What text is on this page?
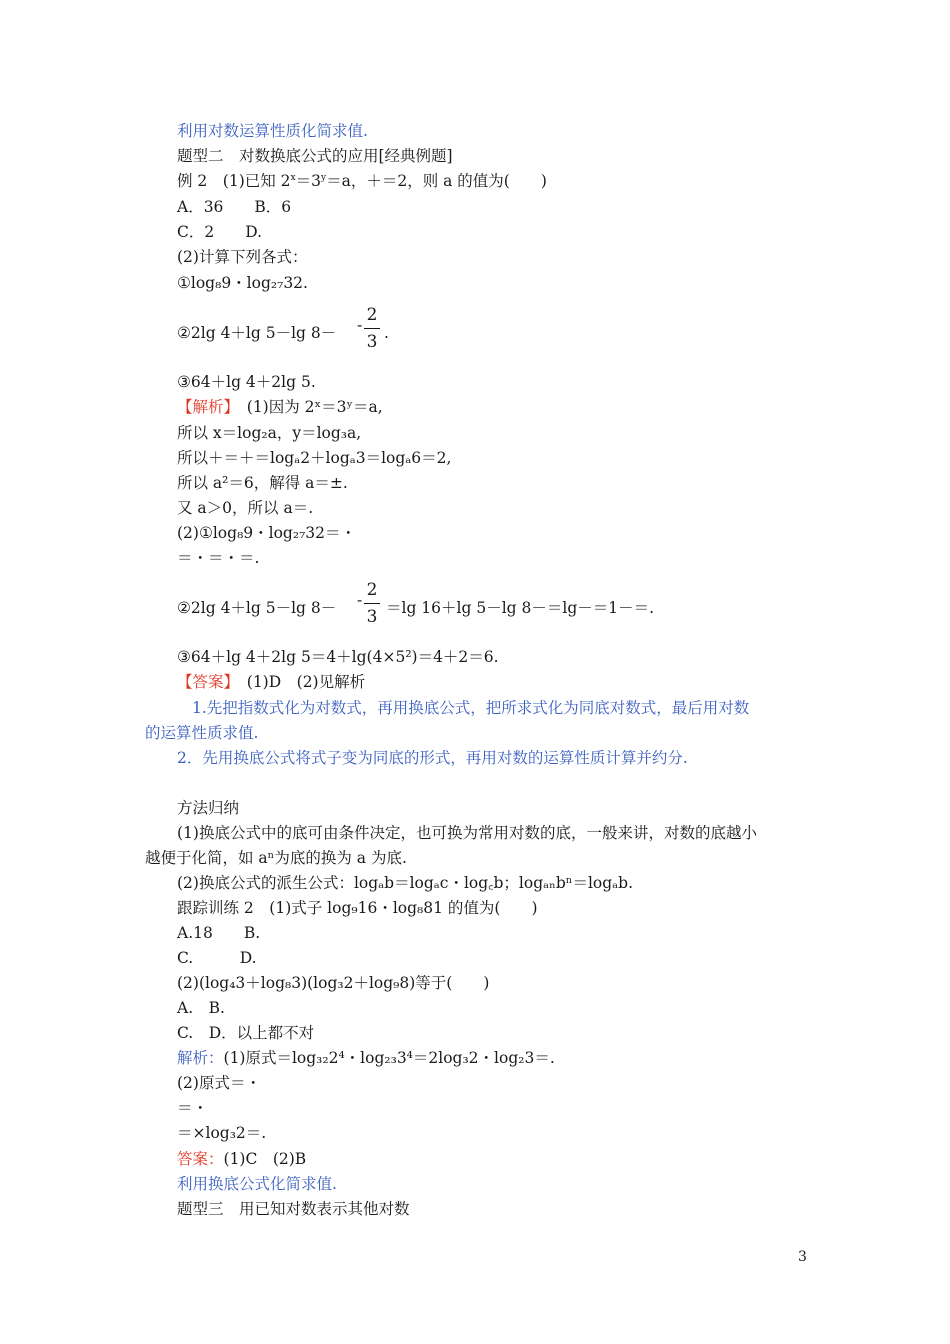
利用对数运算性质化简求值.
题型二　对数换底公式的应用[经典例题]
例 2　(1)已知 $2^x=3^y=a$，＋＝2，则 a 的值为(　　)
A．36　　B．6
C．2　　D.
(2)计算下列各式：
①log₈9・log₂₇32.
②2lg 4＋lg 5－lg 8－ - 2
3 .
③64＋lg 4＋2lg 5.
【解析】　(1)因为 2ˣ＝3ʸ＝a,
所以 x＝log₂a，y＝log₃a,
所以＋＝＋＝logₐ2＋logₐ3＝logₐ6＝2,
所以 a²＝6，解得 a＝±.
又 a＞0，所以 a＝.
(2)①log₈9・log₂₇32＝・
＝・＝・＝.
②2lg 4＋lg 5－lg 8－ - 2
3 ＝lg 16＋lg 5－lg 8－＝lg－＝1－＝.
③64＋lg 4＋2lg 5＝4＋lg(4×5²)＝4＋2＝6.
【答案】　(1)D　(2)见解析
1.先把指数式化为对数式，再用换底公式，把所求式化为同底对数式，最后用对数
的运算性质求值.
2．先用换底公式将式子变为同底的形式，再用对数的运算性质计算并约分.
方法归纳
(1)换底公式中的底可由条件决定，也可换为常用对数的底，一般来讲，对数的底越小
越便于化简，如 aⁿ为底的换为 a 为底.
(2)换底公式的派生公式：logₐb＝logₐc・log꜀b；logₐₙbⁿ＝logₐb.
跟踪训练 2　(1)式子 log₉16・log₈81 的值为(　　)
A.18　　B.
C.　　　D.
(2)(log₄3＋log₈3)(log₃2＋log₉8)等于(　　)
A.　B.
C.　D．以上都不对
解析：(1)原式＝log₃₂2⁴・log₂₃3⁴＝2log₃2・log₂3＝.
(2)原式＝・
＝・
＝×log₃2＝.
答案：(1)C　(2)B
利用换底公式化简求值.
题型三　用已知对数表示其他对数
3
